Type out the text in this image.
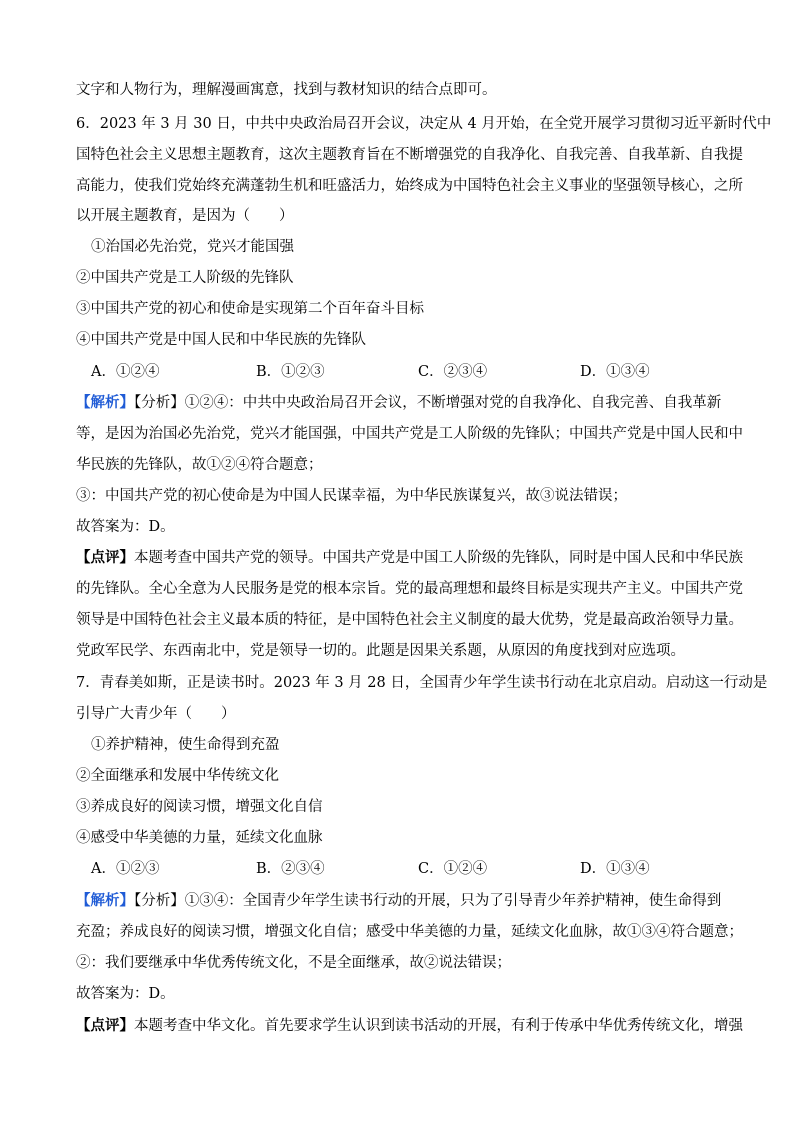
文字和人物行为，理解漫画寓意，找到与教材知识的结合点即可。
6．2023 年 3 月 30 日，中共中央政治局召开会议，决定从 4 月开始，在全党开展学习贯彻习近平新时代中
国特色社会主义思想主题教育，这次主题教育旨在不断增强党的自我净化、自我完善、自我革新、自我提
高能力，使我们党始终充满蓬勃生机和旺盛活力，始终成为中国特色社会主义事业的坚强领导核心，之所
以开展主题教育，是因为（　　）
①治国必先治党，党兴才能国强
②中国共产党是工人阶级的先锋队
③中国共产党的初心和使命是实现第二个百年奋斗目标
④中国共产党是中国人民和中华民族的先锋队
A．①②④	B．①②③	C．②③④	D．①③④
【解析】【分析】①②④：中共中央政治局召开会议，不断增强对党的自我净化、自我完善、自我革新
等，是因为治国必先治党，党兴才能国强，中国共产党是工人阶级的先锋队；中国共产党是中国人民和中
华民族的先锋队，故①②④符合题意；
③：中国共产党的初心使命是为中国人民谋幸福，为中华民族谋复兴，故③说法错误；
故答案为：D。
【点评】本题考查中国共产党的领导。中国共产党是中国工人阶级的先锋队，同时是中国人民和中华民族
的先锋队。全心全意为人民服务是党的根本宗旨。党的最高理想和最终目标是实现共产主义。中国共产党
领导是中国特色社会主义最本质的特征，是中国特色社会主义制度的最大优势，党是最高政治领导力量。
党政军民学、东西南北中，党是领导一切的。此题是因果关系题，从原因的角度找到对应选项。
7．青春美如斯，正是读书时。2023 年 3 月 28 日，全国青少年学生读书行动在北京启动。启动这一行动是
引导广大青少年（　　）
①养护精神，使生命得到充盈
②全面继承和发展中华传统文化
③养成良好的阅读习惯，增强文化自信
④感受中华美德的力量，延续文化血脉
A．①②③	B．②③④	C．①②④	D．①③④
【解析】【分析】①③④：全国青少年学生读书行动的开展，只为了引导青少年养护精神，使生命得到
充盈；养成良好的阅读习惯，增强文化自信；感受中华美德的力量，延续文化血脉，故①③④符合题意；
②：我们要继承中华优秀传统文化，不是全面继承，故②说法错误；
故答案为：D。
【点评】本题考查中华文化。首先要求学生认识到读书活动的开展，有利于传承中华优秀传统文化，增强
